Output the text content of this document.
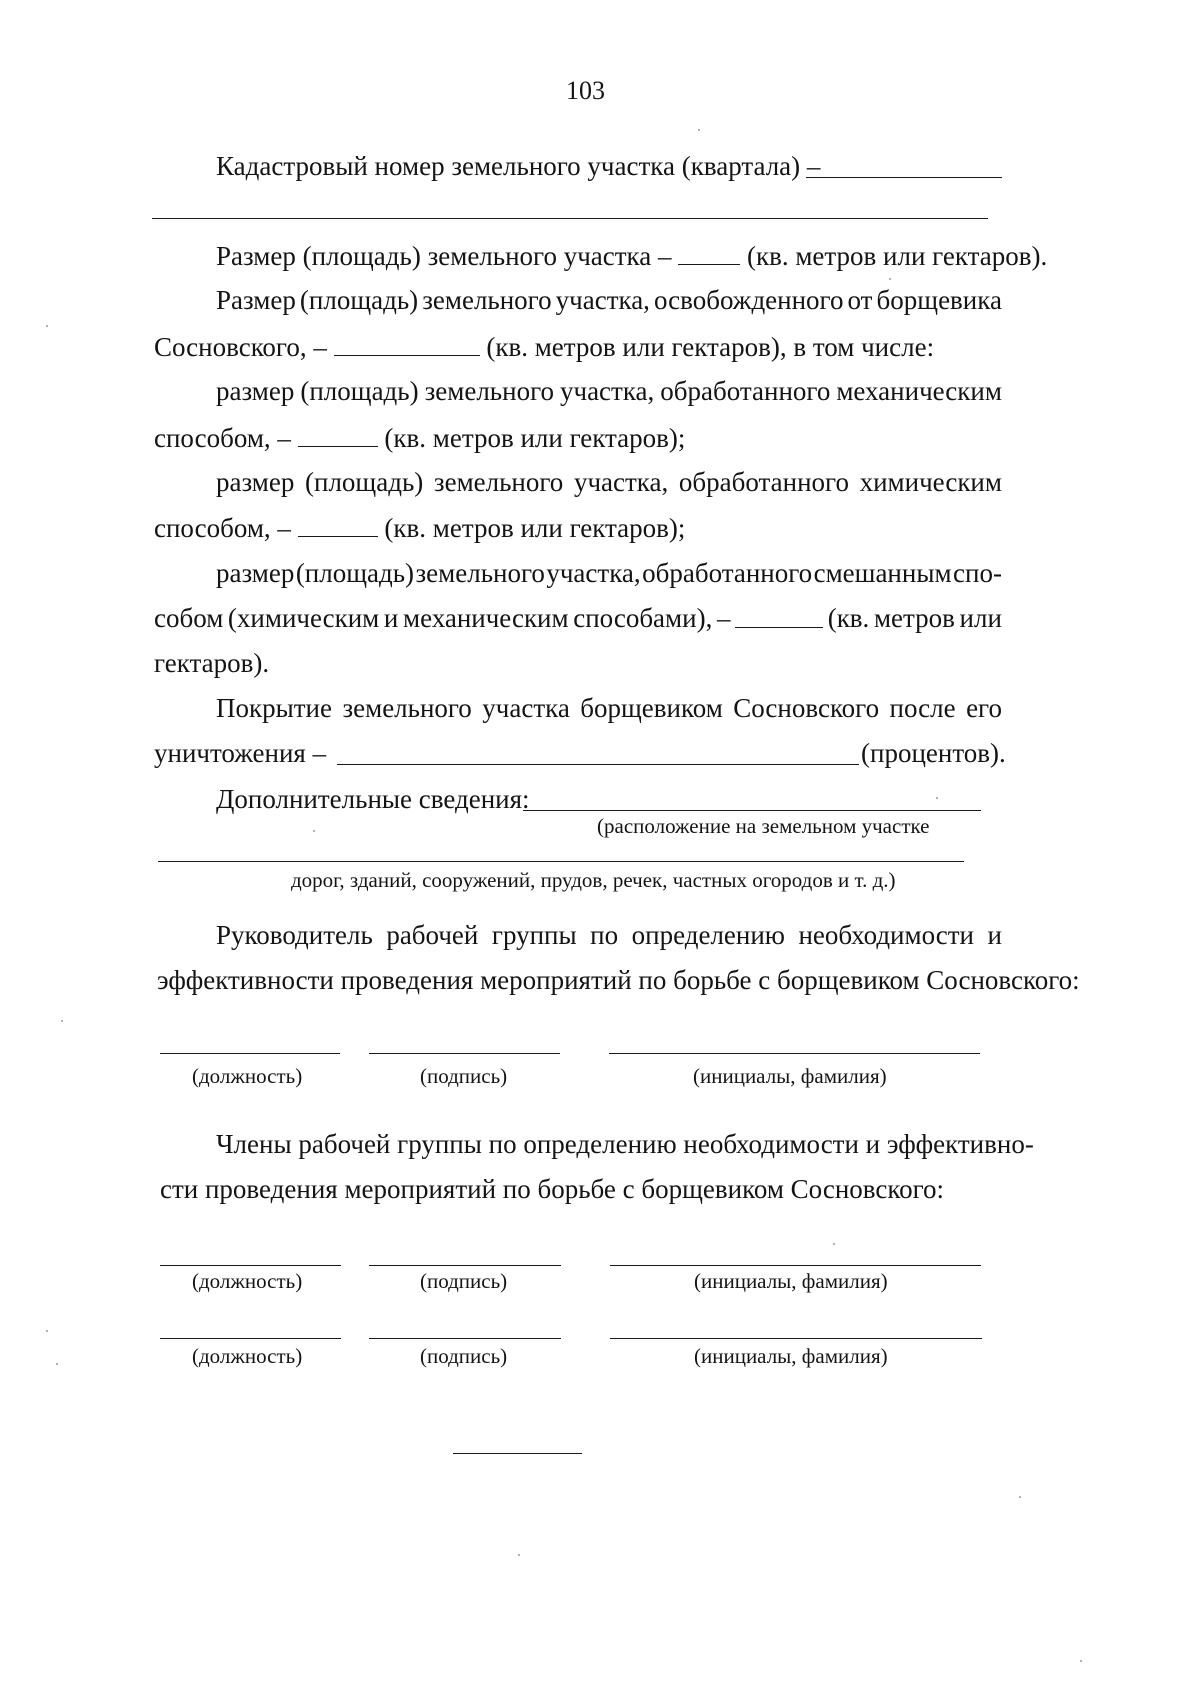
103
Кадастровый номер земельного участка (квартала) –
Размер (площадь) земельного участка –	(кв. метров или гектаров).
Размер (площадь) земельного участка, освобожденного от борщевика
Сосновского, –	(кв. метров или гектаров), в том числе:
размер (площадь) земельного участка, обработанного механическим
способом, –	(кв. метров или гектаров);
размер (площадь) земельного участка, обработанного химическим
способом, –	(кв. метров или гектаров);
размер (площадь) земельного участка, обработанного смешанным спо-
собом (химическим и механическим способами), –	(кв. метров или
гектаров).
Покрытие земельного участка борщевиком Сосновского после его
уничтожения –	(процентов).
Дополнительные сведения:
(расположение на земельном участке
дорог, зданий, сооружений, прудов, речек, частных огородов и т. д.)
Руководитель рабочей группы по определению необходимости и
эффективности проведения мероприятий по борьбе с борщевиком Сосновского:
(должность)	(подпись)	(инициалы, фамилия)
Члены рабочей группы по определению необходимости и эффективно-
сти проведения мероприятий по борьбе с борщевиком Сосновского:
(должность)	(подпись)	(инициалы, фамилия)
(должность)	(подпись)	(инициалы, фамилия)
